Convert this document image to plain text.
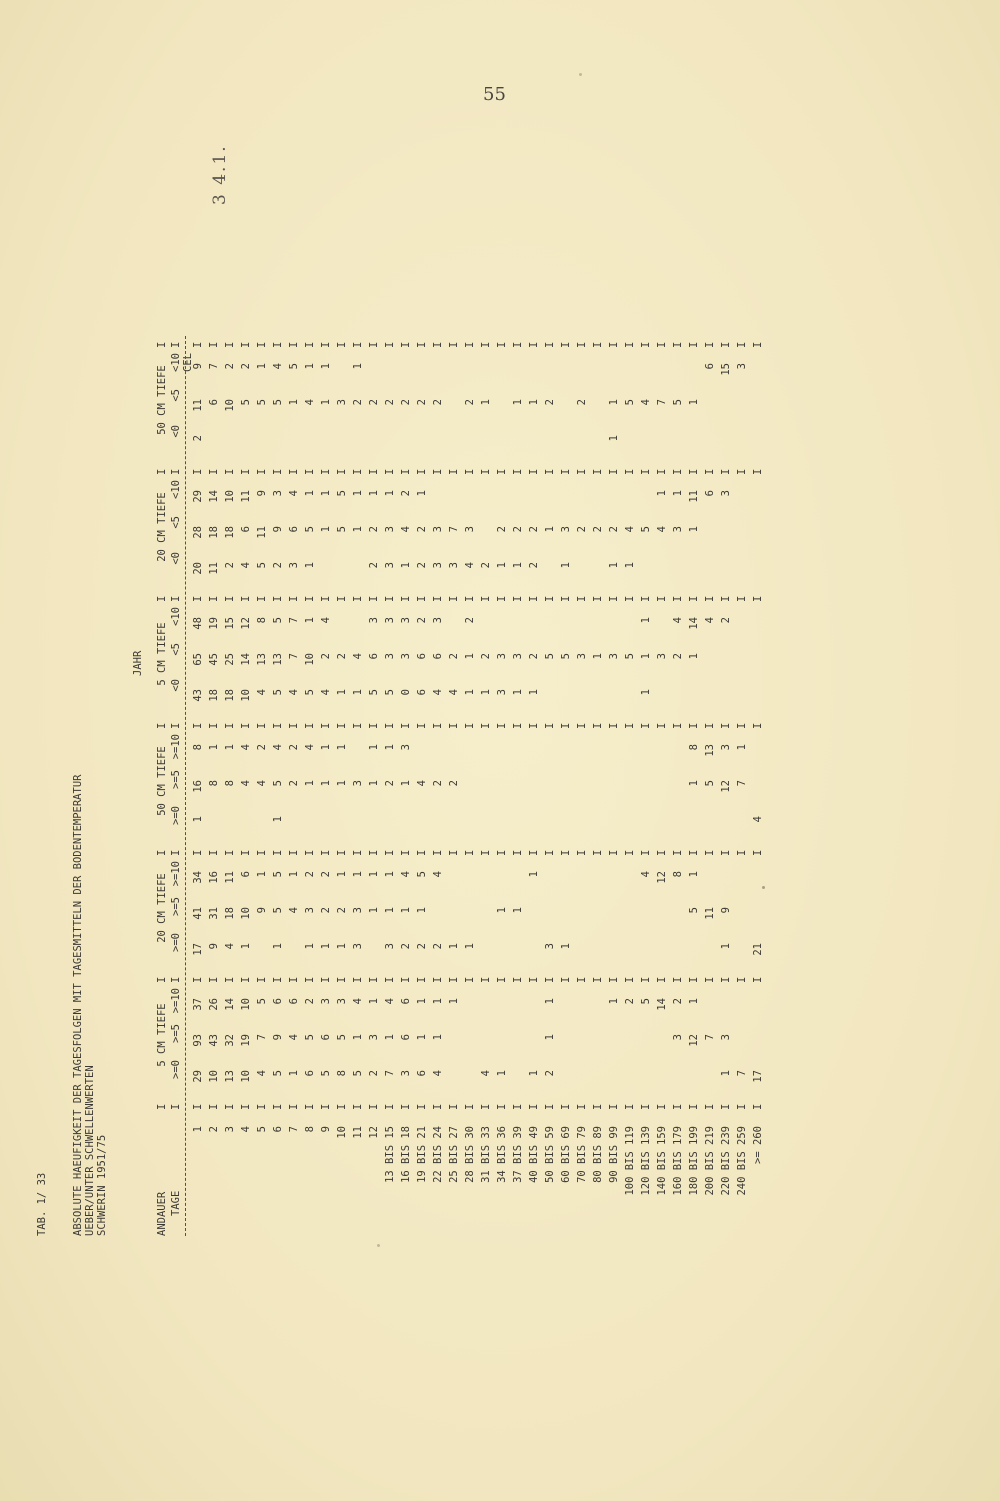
55
3 4.1.
TAB. 1/ 33 ABSOLUTE HAEUFIGKEIT DER TAGESFOLGEN MIT TAGESMITTELN DER BODENTEMPERATUR UEBER/UNTER SCHWELLENWERTEN SCHWERIN 1951/75
JAHR
ANDAUER TAGE
5 CM TIEFE
>=0
>=5
>=10
20 CM TIEFE >=0
>=5
>=10
50 CM TIEFE >=0
>=5
>=10
5 CM TIEFE <0
<5
<10
20 CM TIEFE <0
<5
<10
50 CM TIEFE <0
<5
<10 CEL
I I
I I
I I
I I
I I
I I
I I
1
I
I
I
I
I
I
I
29
93
37
17
41
34
1
16
8
43
65
48
20
28
29
2
11
9
2
I
I
I
I
I
I
I
10
43
26
9
31
16
8
1
18
45
19
11
18
14
6
7
3
I
I
I
I
I
I
I
13
32
14
4
18
11
8
1
18
25
15
2
18
10
10
2
4
I
I
I
I
I
I
I
10
19
10
1
10
6
4
4
10
14
12
4
6
11
5
2
5
I
I
I
I
I
I
I
4
7
5
9
1
4
2
4
13
8
5
11
9
5
1
6
I
I
I
I
I
I
I
5
9
6
1
5
5
1
5
4
5
13
5
2
9
3
5
4
7
I
I
I
I
I
I
I
1
4
6
4
1
2
2
4
7
7
3
6
4
1
5
8
I
I
I
I
I
I
I
6
5
2
1
3
2
1
4
5
10
1
1
5
1
4
1
9
I
I
I
I
I
I
I
5
6
3
1
2
2
1
1
4
2
4
1
1
1
1
10
I
I
I
I
I
I
I
8
5
3
1
2
1
1
1
1
2
5
5
3
11
I
I
I
I
I
I
I
5
1
4
3
3
1
3
1
4
1
1
2
1
12
I
I
I
I
I
I
I
2
3
1
1
1
1
1
5
6
3
2
2
1
2
13 BIS 15
I
I
I
I
I
I
I
7
1
4
3
1
1
2
1
5
3
3
3
3
1
2
16 BIS 18
I
I
I
I
I
I
I
3
6
6
2
1
4
1
3
0
3
3
1
4
2
2
19 BIS 21
I
I
I
I
I
I
I
6
1
1
2
1
5
4
6
6
2
2
2
1
2
22 BIS 24
I
I
I
I
I
I
I
4
1
1
2
4
2
4
6
3
3
3
2
25 BIS 27
I
I
I
I
I
I
I
1
1
2
4
2
3
7
28 BIS 30
I
I
I
I
I
I
I
1
1
1
2
4
3
2
31 BIS 33
I
I
I
I
I
I
I
4
1
2
2
1
34 BIS 36
I
I
I
I
I
I
I
1
1
3
3
1
2
37 BIS 39
I
I
I
I
I
I
I
1
1
3
1
2
1
40 BIS 49
I
I
I
I
I
I
I
1
1
1
2
2
2
1
50 BIS 59
I
I
I
I
I
I
I
2
1
1
3
5
1
2
60 BIS 69
I
I
I
I
I
I
I
1
5
1
3
70 BIS 79
I
I
I
I
I
I
I
3
2
2
80 BIS 89
I
I
I
I
I
I
I
1
2
90 BIS 99
I
I
I
I
I
I
I
1
3
1
2
1
1
100 BIS 119
I
I
I
I
I
I
I
2
5
1
4
5
120 BIS 139
I
I
I
I
I
I
I
5
4
1
1
1
5
4
140 BIS 159
I
I
I
I
I
I
I
14
12
3
4
1
7
160 BIS 179
I
I
I
I
I
I
I
3
2
8
2
4
3
1
5
180 BIS 199
I
I
I
I
I
I
I
12
1
5
1
1
8
1
14
1
11
1
200 BIS 219
I
I
I
I
I
I
I
7
11
5
13
4
6
6
220 BIS 239
I
I
I
I
I
I
I
1
3
1
9
12
3
2
3
15
240 BIS 259
I
I
I
I
I
I
I
7
7
1
3
>= 260
I
I
I
I
I
I
I
17
21
4
